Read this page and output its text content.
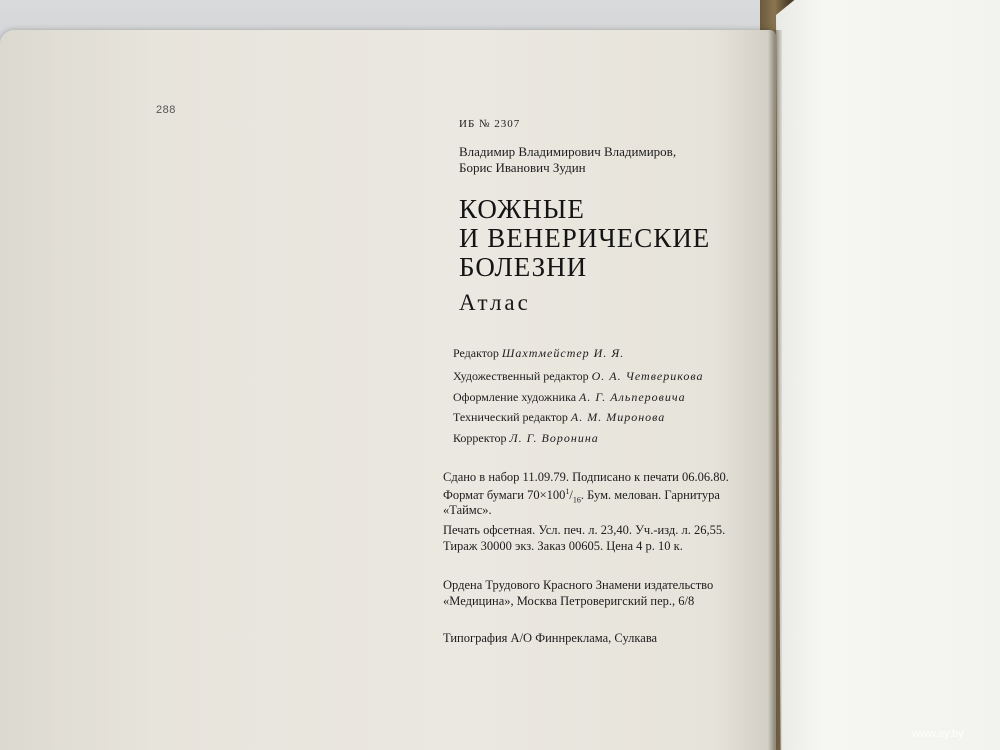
288
ИБ № 2307
Владимир Владимирович Владимиров,
Борис Иванович Зудин
КОЖНЫЕ
И ВЕНЕРИЧЕСКИЕ
БОЛЕЗНИ
Атлас
Редактор Шахтмейстер И. Я.
Художественный редактор О. А. Четверикова
Оформление художника А. Г. Альперовича
Технический редактор А. М. Миронова
Корректор Л. Г. Воронина
Сдано в набор 11.09.79. Подписано к печати 06.06.80.
Формат бумаги $70\times 100^1/_{16}$. Бум. мелован. Гарнитура
«Таймс».
Печать офсетная. Усл. печ. л. 23,40. Уч.-изд. л. 26,55.
Тираж 30000 экз. Заказ 00605. Цена 4 р. 10 к.
Ордена Трудового Красного Знамени издательство
«Медицина», Москва Петроверигский пер., 6/8
Типография А/О Финнреклама, Сулкава
www.ay.by
